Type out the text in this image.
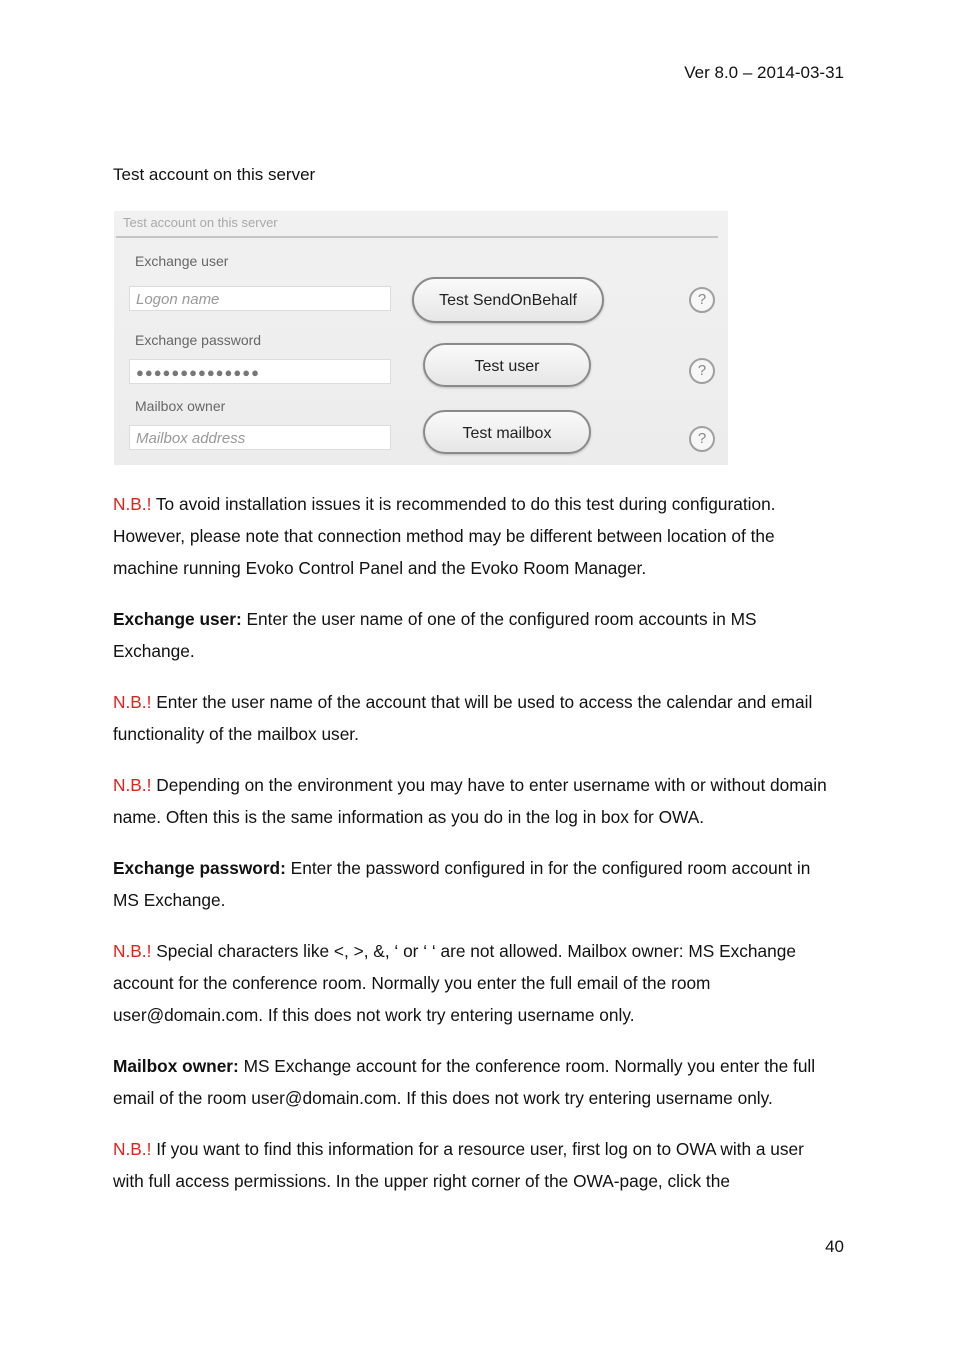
Ver 8.0 – 2014-03-31
Test account on this server
Test account on this server
Exchange user
Logon name
Exchange password
●●●●●●●●●●●●●●
Mailbox owner
Mailbox address
Test SendOnBehalf
Test user
Test mailbox
?
?
?

N.B.! To avoid installation issues it is recommended to do this test during configuration. However, please note that connection method may be different between location of the machine running Evoko Control Panel and the Evoko Room Manager.

Exchange user: Enter the user name of one of the configured room accounts in MS Exchange.

N.B.! Enter the user name of the account that will be used to access the calendar and email functionality of the mailbox user.

N.B.! Depending on the environment you may have to enter username with or without domain name. Often this is the same information as you do in the log in box for OWA.

Exchange password: Enter the password configured in for the configured room account in MS Exchange.

N.B.! Special characters like <, >, &, ‘ or ‘ ‘ are not allowed. Mailbox owner: MS Exchange account for the conference room. Normally you enter the full email of the room user@domain.com. If this does not work try entering username only.

Mailbox owner: MS Exchange account for the conference room. Normally you enter the full email of the room user@domain.com. If this does not work try entering username only.

N.B.! If you want to find this information for a resource user, first log on to OWA with a user with full access permissions. In the upper right corner of the OWA-page, click the

40
